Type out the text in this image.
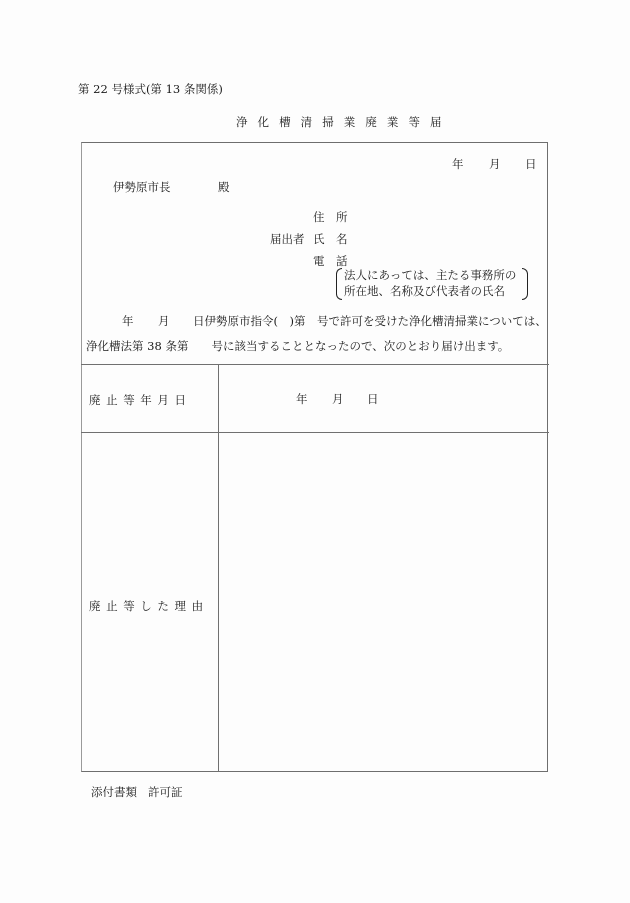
第 22 号様式(第 13 条関係)
浄 化 槽 清 掃 業 廃 業 等 届
年 月 日
伊勢原市長	殿
住　所
届出者 氏　名
電　話
法人にあっては、主たる事務所の
所在地、名称及び代表者の氏名
年 月 日伊勢原市指令(　)第　号で許可を受けた浄化槽清掃業については、
浄化槽法第 38 条第　　号に該当することとなったので、次のとおり届け出ます。
廃止等年月日	年 月 日
廃止等した理由
添付書類 許可証
